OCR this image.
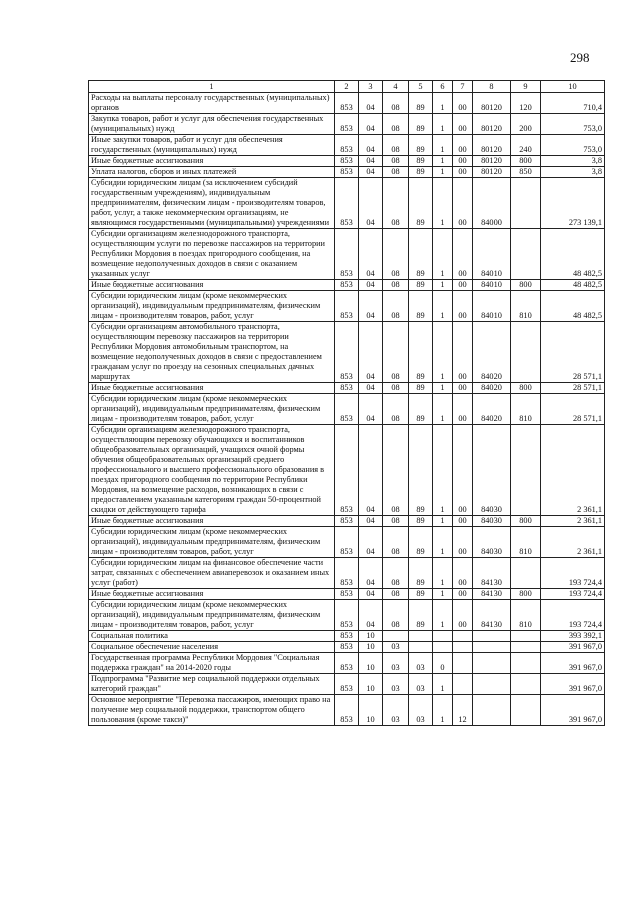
298
1	2	3	4	5	6	7	8	9	10
Расходы на выплаты персоналу государственных (муниципальных) органов	853	04	08	89	1	00	80120	120	710,4
Закупка товаров, работ и услуг для обеспечения государственных (муниципальных) нужд	853	04	08	89	1	00	80120	200	753,0
Иные закупки товаров, работ и услуг для обеспечения государственных (муниципальных) нужд	853	04	08	89	1	00	80120	240	753,0
Иные бюджетные ассигнования	853	04	08	89	1	00	80120	800	3,8
Уплата налогов, сборов и иных платежей	853	04	08	89	1	00	80120	850	3,8
Субсидии юридическим лицам (за исключением субсидий государственным учреждениям), индивидуальным предпринимателям, физическим лицам - производителям товаров, работ, услуг, а также некоммерческим организациям, не являющимся государственными (муниципальными) учреждениями	853	04	08	89	1	00	84000		273 139,1
Субсидии организациям железнодорожного транспорта, осуществляющим услуги по перевозке пассажиров на территории Республики Мордовия в поездах пригородного сообщения, на возмещение недополученных доходов в связи с оказанием указанных услуг	853	04	08	89	1	00	84010		48 482,5
Иные бюджетные ассигнования	853	04	08	89	1	00	84010	800	48 482,5
Субсидии юридическим лицам (кроме некоммерческих организаций), индивидуальным предпринимателям, физическим лицам - производителям товаров, работ, услуг	853	04	08	89	1	00	84010	810	48 482,5
Субсидии организациям автомобильного транспорта, осуществляющим перевозку пассажиров на территории Республики Мордовия автомобильным транспортом, на возмещение недополученных доходов в связи с предоставлением гражданам услуг по проезду на сезонных специальных дачных маршрутах	853	04	08	89	1	00	84020		28 571,1
Иные бюджетные ассигнования	853	04	08	89	1	00	84020	800	28 571,1
Субсидии юридическим лицам (кроме некоммерческих организаций), индивидуальным предпринимателям, физическим лицам - производителям товаров, работ, услуг	853	04	08	89	1	00	84020	810	28 571,1
Субсидии организациям железнодорожного транспорта, осуществляющим перевозку обучающихся и воспитанников общеобразовательных организаций, учащихся очной формы обучения общеобразовательных организаций среднего профессионального и высшего профессионального образования в поездах пригородного сообщения по территории Республики Мордовия, на возмещение расходов, возникающих в связи с предоставлением указанным категориям граждан 50-процентной скидки от действующего тарифа	853	04	08	89	1	00	84030		2 361,1
Иные бюджетные ассигнования	853	04	08	89	1	00	84030	800	2 361,1
Субсидии юридическим лицам (кроме некоммерческих организаций), индивидуальным предпринимателям, физическим лицам - производителям товаров, работ, услуг	853	04	08	89	1	00	84030	810	2 361,1
Субсидии юридическим лицам на финансовое обеспечение части затрат, связанных с обеспечением авиаперевозок и оказанием иных услуг (работ)	853	04	08	89	1	00	84130		193 724,4
Иные бюджетные ассигнования	853	04	08	89	1	00	84130	800	193 724,4
Субсидии юридическим лицам (кроме некоммерческих организаций), индивидуальным предпринимателям, физическим лицам - производителям товаров, работ, услуг	853	04	08	89	1	00	84130	810	193 724,4
Социальная политика	853	10							393 392,1
Социальное обеспечение населения	853	10	03						391 967,0
Государственная программа Республики Мордовия "Социальная поддержка граждан" на 2014-2020 годы	853	10	03	03	0				391 967,0
Подпрограмма "Развитие мер социальной поддержки отдельных категорий граждан"	853	10	03	03	1				391 967,0
Основное мероприятие "Перевозка пассажиров, имеющих право на получение мер социальной поддержки, транспортом общего пользования (кроме такси)"	853	10	03	03	1	12			391 967,0
